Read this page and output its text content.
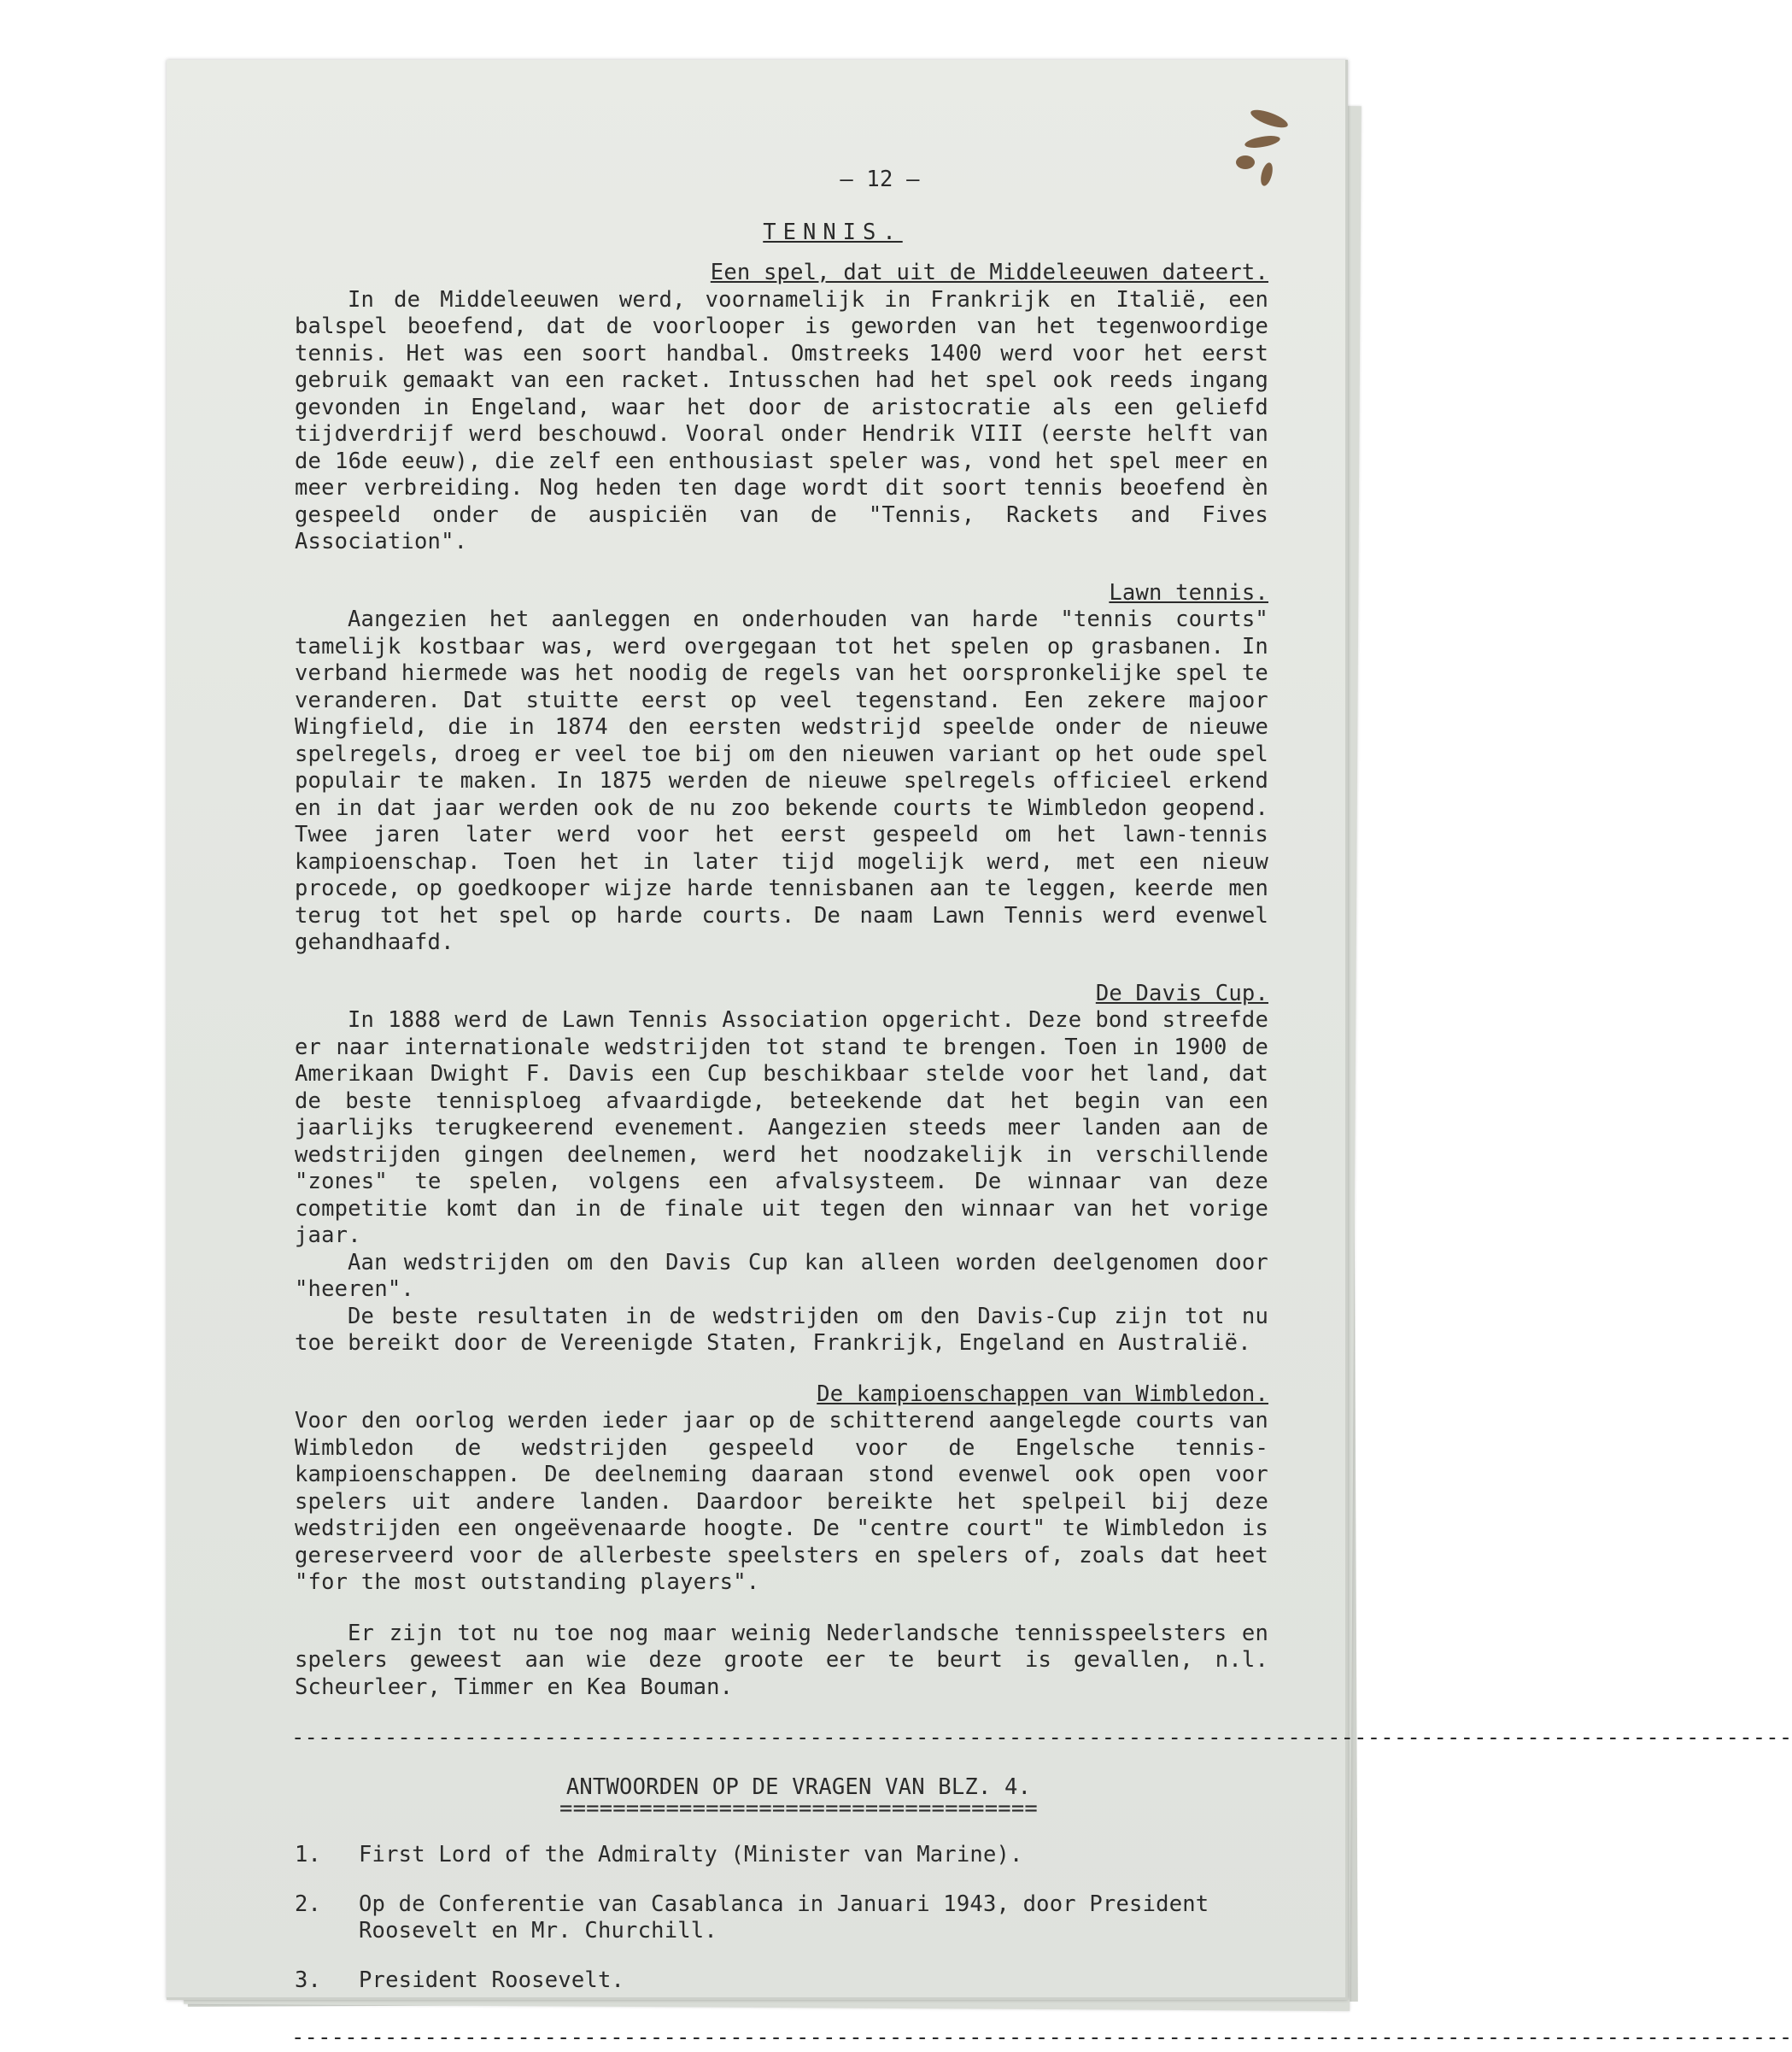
— 12 —
TENNIS.
Een spel, dat uit de Middeleeuwen dateert.

In de Middeleeuwen werd, voornamelijk in Frankrijk en Italië, een balspel beoefend, dat de voorlooper is geworden van het tegenwoordige tennis. Het was een soort handbal. Omstreeks 1400 werd voor het eerst gebruik gemaakt van een racket. Intusschen had het spel ook reeds ingang gevonden in Engeland, waar het door de aristocratie als een geliefd tijdverdrijf werd beschouwd. Vooral onder Hendrik VIII (eerste helft van de 16de eeuw), die zelf een enthousiast speler was, vond het spel meer en meer verbreiding. Nog heden ten dage wordt dit soort tennis beoefend èn gespeeld onder de auspiciën van de "Tennis, Rackets and Fives Association".

Lawn tennis.

Aangezien het aanleggen en onderhouden van harde "tennis courts" tamelijk kostbaar was, werd overgegaan tot het spelen op grasbanen. In verband hiermede was het noodig de regels van het oorspronkelijke spel te veranderen. Dat stuitte eerst op veel tegenstand. Een zekere majoor Wingfield, die in 1874 den eersten wedstrijd speelde onder de nieuwe spelregels, droeg er veel toe bij om den nieuwen variant op het oude spel populair te maken. In 1875 werden de nieuwe spelregels officieel erkend en in dat jaar werden ook de nu zoo bekende courts te Wimbledon geopend. Twee jaren later werd voor het eerst gespeeld om het lawn-tennis kampioenschap. Toen het in later tijd mogelijk werd, met een nieuw procede, op goedkooper wijze harde tennisbanen aan te leggen, keerde men terug tot het spel op harde courts. De naam Lawn Tennis werd evenwel gehandhaafd.

De Davis Cup.

In 1888 werd de Lawn Tennis Association opgericht. Deze bond streefde er naar internationale wedstrijden tot stand te brengen. Toen in 1900 de Amerikaan Dwight F. Davis een Cup beschikbaar stelde voor het land, dat de beste tennisploeg afvaardigde, beteekende dat het begin van een jaarlijks terugkeerend evenement. Aangezien steeds meer landen aan de wedstrijden gingen deelnemen, werd het noodzakelijk in verschillende "zones" te spelen, volgens een afvalsysteem. De winnaar van deze competitie komt dan in de finale uit tegen den winnaar van het vorige jaar.

Aan wedstrijden om den Davis Cup kan alleen worden deelgenomen door "heeren".

De beste resultaten in de wedstrijden om den Davis-Cup zijn tot nu toe bereikt door de Vereenigde Staten, Frankrijk, Engeland en Australië.

De kampioenschappen van Wimbledon.

Voor den oorlog werden ieder jaar op de schitterend aangelegde courts van Wimbledon de wedstrijden gespeeld voor de Engelsche tennis-kampioenschappen. De deelneming daaraan stond evenwel ook open voor spelers uit andere landen. Daardoor bereikte het spelpeil bij deze wedstrijden een ongeëvenaarde hoogte. De "centre court" te Wimbledon is gereserveerd voor de allerbeste speelsters en spelers of, zoals dat heet "for the most outstanding players".

Er zijn tot nu toe nog maar weinig Nederlandsche tennisspeelsters en spelers geweest aan wie deze groote eer te beurt is gevallen, n.l. Scheurleer, Timmer en Kea Bouman.

-----------------------------------------------------------------------------------------------------------------
ANTWOORDEN OP DE VRAGEN VAN BLZ. 4.
====================================
1.	First Lord of the Admiralty (Minister van Marine).
2.	Op de Conferentie van Casablanca in Januari 1943, door President Roosevelt en Mr. Churchill.
3.	President Roosevelt.
-----------------------------------------------------------------------------------------------------------------
